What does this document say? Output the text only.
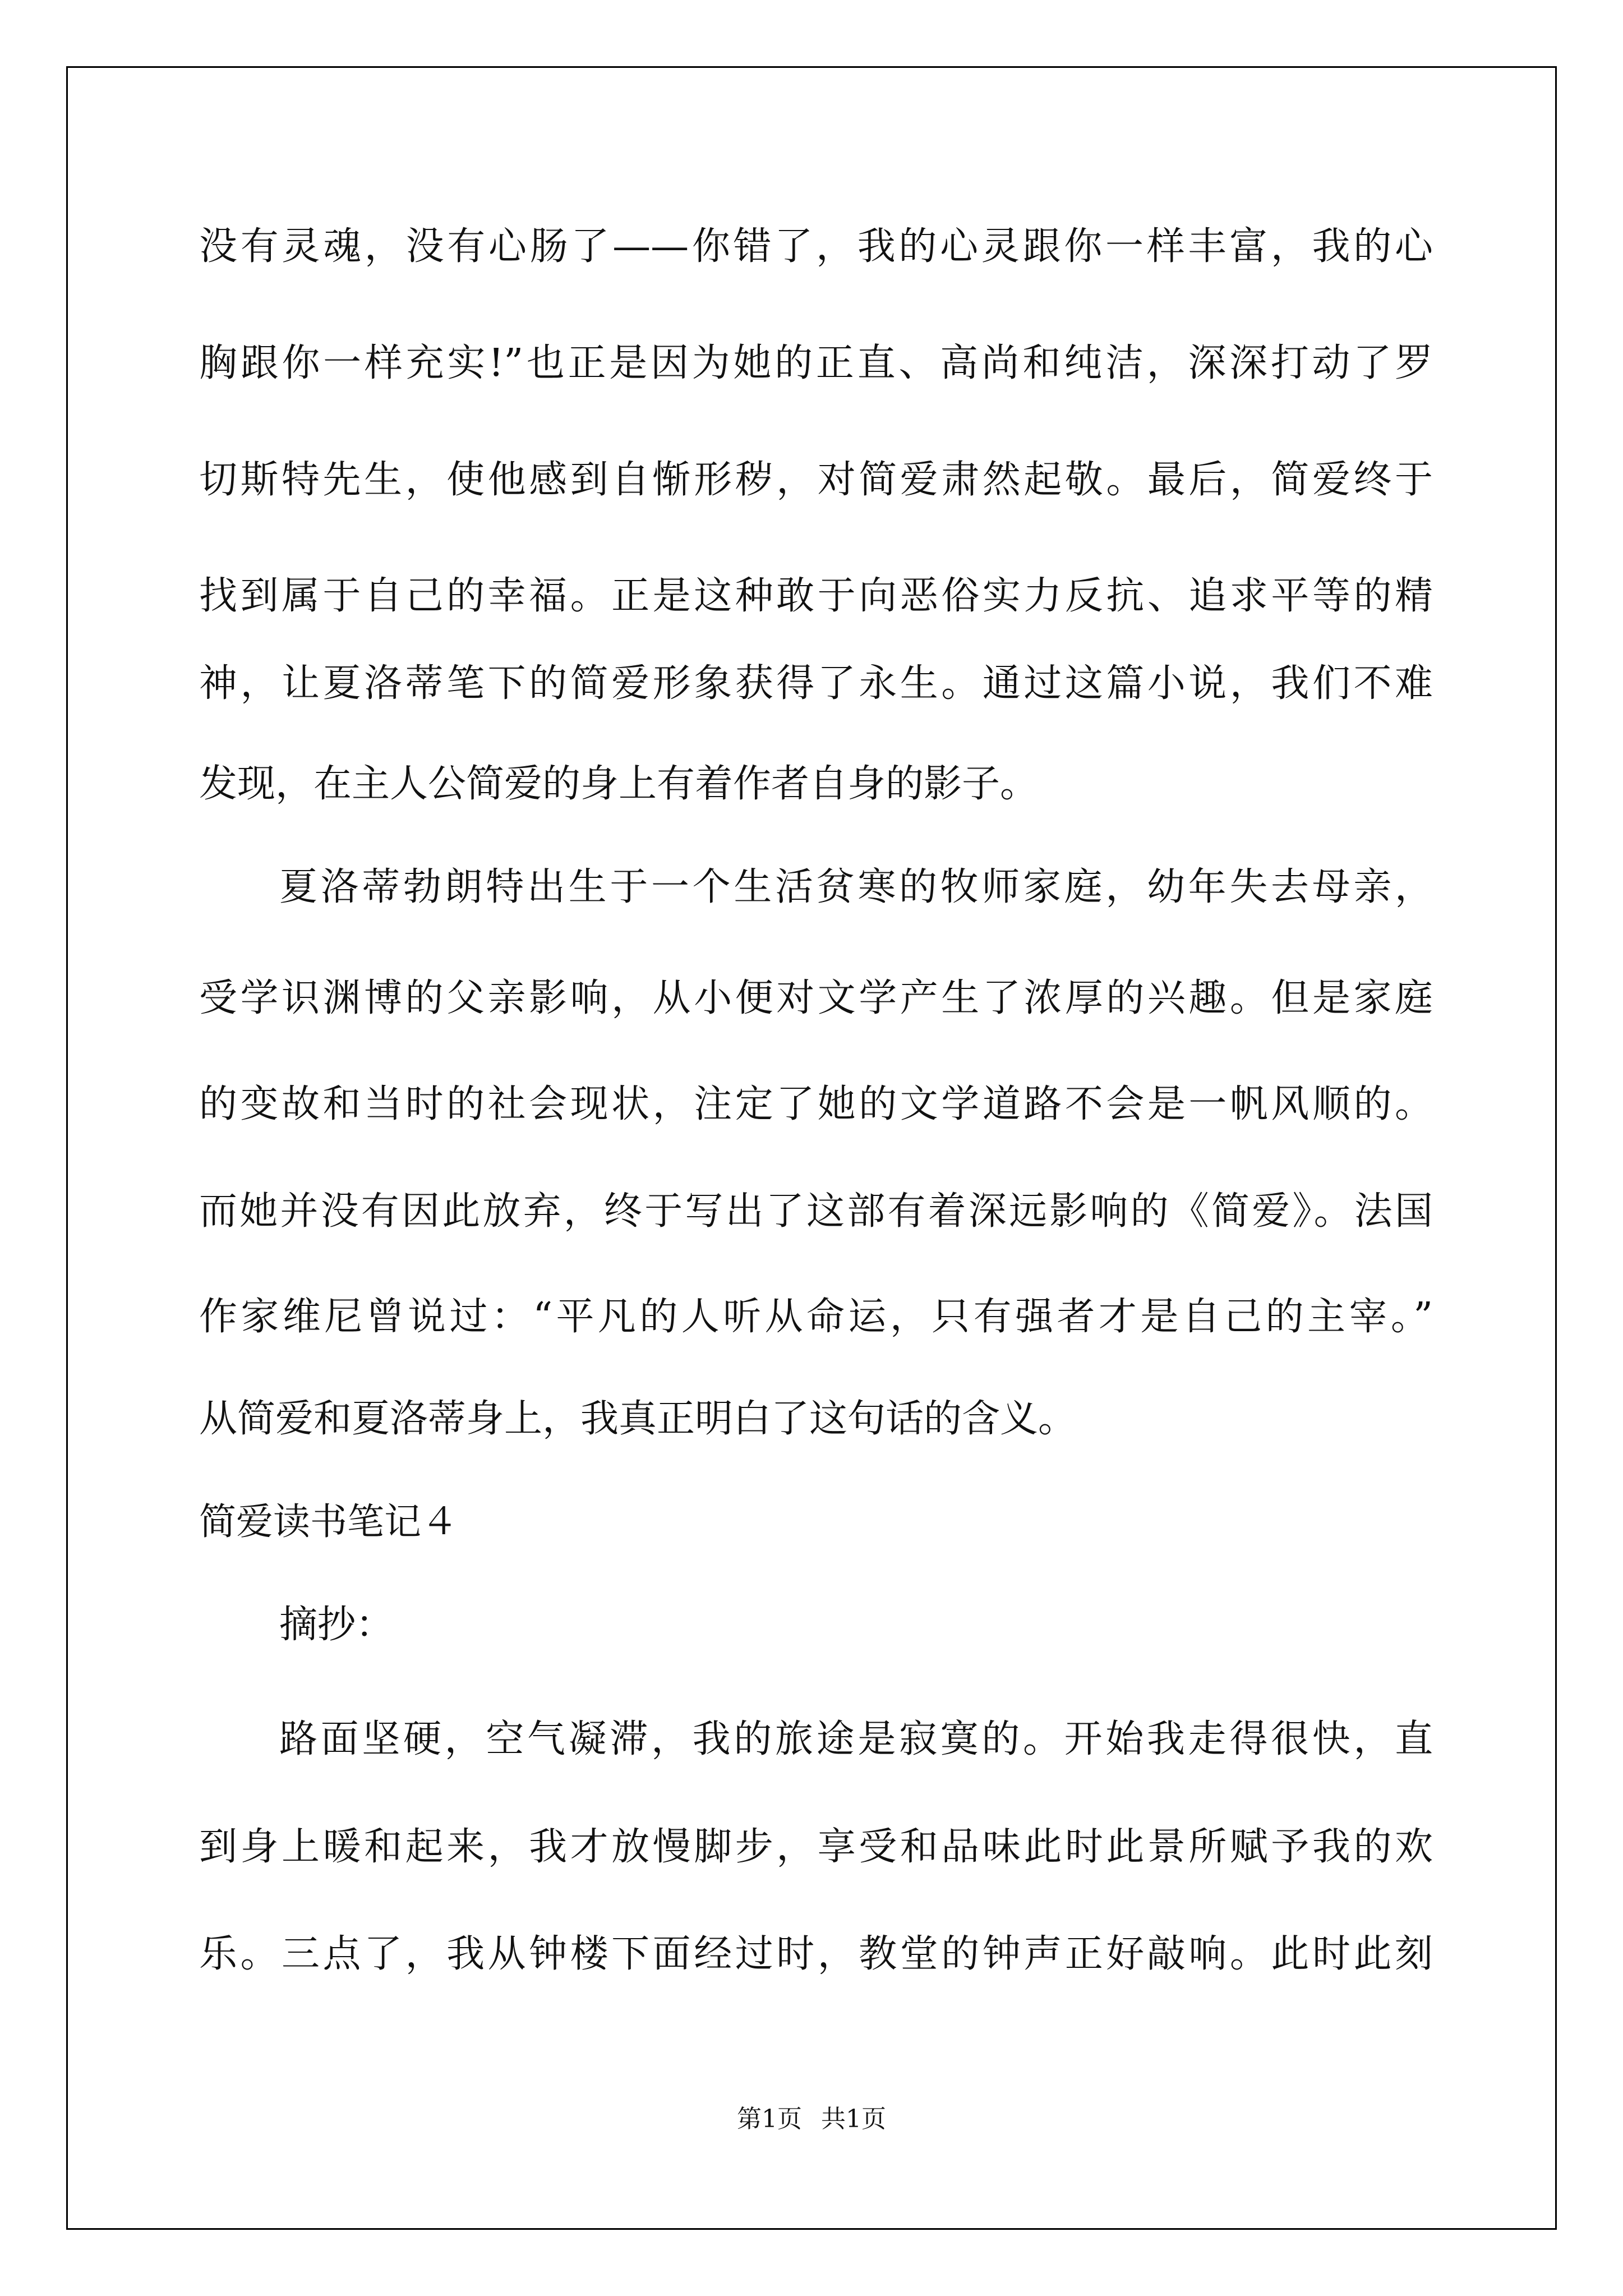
没有灵魂，没有心肠了——你错了，我的心灵跟你一样丰富，我的心
胸跟你一样充实!”也正是因为她的正直、高尚和纯洁，深深打动了罗
切斯特先生，使他感到自惭形秽，对简爱肃然起敬。最后，简爱终于
找到属于自己的幸福。正是这种敢于向恶俗实力反抗、追求平等的精
神，让夏洛蒂笔下的简爱形象获得了永生。通过这篇小说，我们不难
发现，在主人公简爱的身上有着作者自身的影子。
夏洛蒂勃朗特出生于一个生活贫寒的牧师家庭，幼年失去母亲，
受学识渊博的父亲影响，从小便对文学产生了浓厚的兴趣。但是家庭
的变故和当时的社会现状，注定了她的文学道路不会是一帆风顺的。
而她并没有因此放弃，终于写出了这部有着深远影响的《简爱》。法国
作家维尼曾说过：“平凡的人听从命运，只有强者才是自己的主宰。”
从简爱和夏洛蒂身上，我真正明白了这句话的含义。
简爱读书笔记４
摘抄：
路面坚硬，空气凝滞，我的旅途是寂寞的。开始我走得很快，直
到身上暖和起来，我才放慢脚步，享受和品味此时此景所赋予我的欢
乐。三点了，我从钟楼下面经过时，教堂的钟声正好敲响。此时此刻
第1页 共1页
